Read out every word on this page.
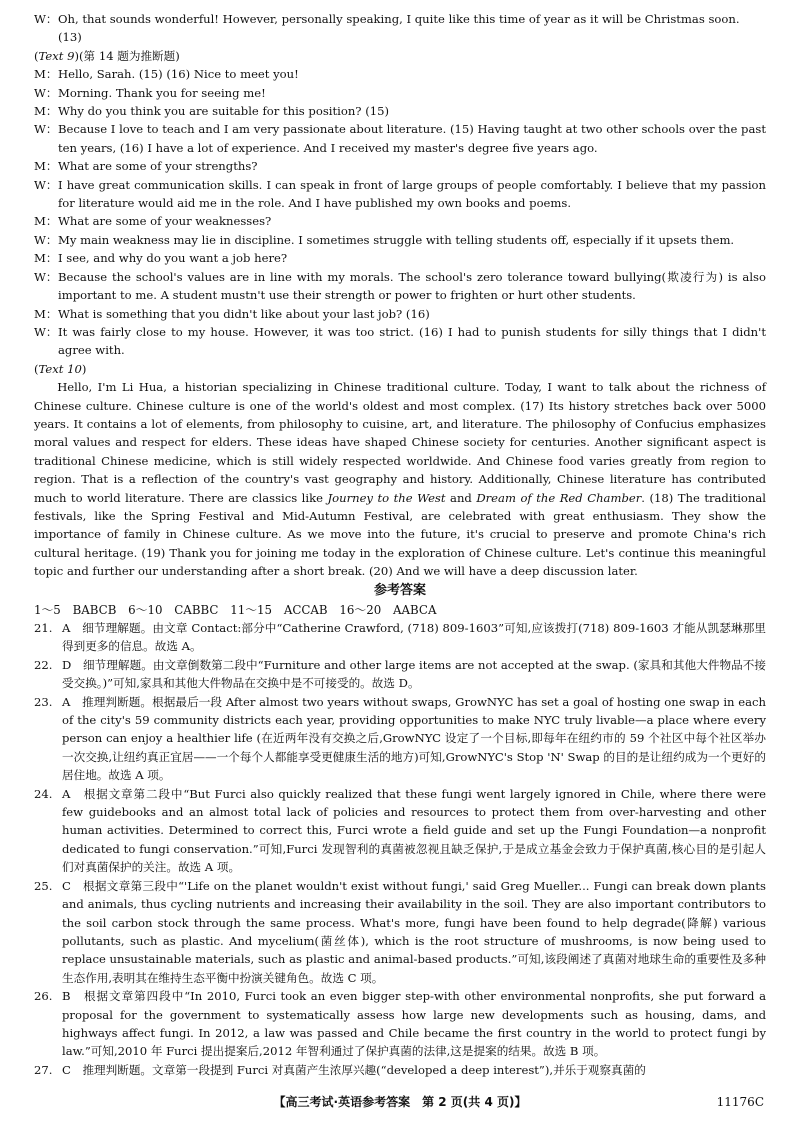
W： Oh, that sounds wonderful! However, personally speaking, I quite like this time of year as it will be Christmas soon.
(13)
(Text 9)(第 14 题为推断题)
M： Hello, Sarah. (15) (16) Nice to meet you!
W： Morning. Thank you for seeing me!
M： Why do you think you are suitable for this position? (15)
W： Because I love to teach and I am very passionate about literature. (15) Having taught at two other schools over the past ten years, (16) I have a lot of experience. And I received my master's degree five years ago.
M： What are some of your strengths?
W： I have great communication skills. I can speak in front of large groups of people comfortably. I believe that my passion for literature would aid me in the role. And I have published my own books and poems.
M： What are some of your weaknesses?
W： My main weakness may lie in discipline. I sometimes struggle with telling students off, especially if it upsets them.
M： I see, and why do you want a job here?
W： Because the school's values are in line with my morals. The school's zero tolerance toward bullying(欺凌行为) is also important to me. A student mustn't use their strength or power to frighten or hurt other students.
M： What is something that you didn't like about your last job? (16)
W： It was fairly close to my house. However, it was too strict. (16) I had to punish students for silly things that I didn't agree with.
(Text 10)
Hello, I'm Li Hua, a historian specializing in Chinese traditional culture. Today, I want to talk about the richness of Chinese culture. Chinese culture is one of the world's oldest and most complex. (17) Its history stretches back over 5000 years. It contains a lot of elements, from philosophy to cuisine, art, and literature. The philosophy of Confucius emphasizes moral values and respect for elders. These ideas have shaped Chinese society for centuries. Another significant aspect is traditional Chinese medicine, which is still widely respected worldwide. And Chinese food varies greatly from region to region. That is a reflection of the country's vast geography and history. Additionally, Chinese literature has contributed much to world literature. There are classics like Journey to the West and Dream of the Red Chamber. (18) The traditional festivals, like the Spring Festival and Mid-Autumn Festival, are celebrated with great enthusiasm. They show the importance of family in Chinese culture. As we move into the future, it's crucial to preserve and promote China's rich cultural heritage. (19) Thank you for joining me today in the exploration of Chinese culture. Let's continue this meaningful topic and further our understanding after a short break. (20) And we will have a deep discussion later.
参考答案
1～5　BABCB　6～10　CABBC　11～15　ACCAB　16～20　AABCA
21. A　细节理解题。由文章 Contact:部分中“Catherine Crawford, (718) 809-1603”可知,应该拨打(718) 809-1603 才能从凯瑟琳那里得到更多的信息。故选 A。
22. D　细节理解题。由文章倒数第二段中“Furniture and other large items are not accepted at the swap. (家具和其他大件物品不接受交换。)”可知,家具和其他大件物品在交换中是不可接受的。故选 D。
23. A　推理判断题。根据最后一段 After almost two years without swaps, GrowNYC has set a goal of hosting one swap in each of the city's 59 community districts each year, providing opportunities to make NYC truly livable—a place where every person can enjoy a healthier life (在近两年没有交换之后,GrowNYC 设定了一个目标,即每年在纽约市的 59 个社区中每个社区举办一次交换,让纽约真正宜居——一个每个人都能享受更健康生活的地方)可知,GrowNYC's Stop 'N' Swap 的目的是让纽约成为一个更好的居住地。故选 A 项。
24. A　根据文章第二段中“But Furci also quickly realized that these fungi went largely ignored in Chile, where there were few guidebooks and an almost total lack of policies and resources to protect them from over-harvesting and other human activities. Determined to correct this, Furci wrote a field guide and set up the Fungi Foundation—a nonprofit dedicated to fungi conservation.”可知,Furci 发现智利的真菌被忽视且缺乏保护,于是成立基金会致力于保护真菌,核心目的是引起人们对真菌保护的关注。故选 A 项。
25. C　根据文章第三段中“'Life on the planet wouldn't exist without fungi,' said Greg Mueller... Fungi can break down plants and animals, thus cycling nutrients and increasing their availability in the soil. They are also important contributors to the soil carbon stock through the same process. What's more, fungi have been found to help degrade(降解) various pollutants, such as plastic. And mycelium(菌丝体), which is the root structure of mushrooms, is now being used to replace unsustainable materials, such as plastic and animal-based products.”可知,该段阐述了真菌对地球生命的重要性及多种生态作用,表明其在维持生态平衡中扮演关键角色。故选 C 项。
26. B　根据文章第四段中“In 2010, Furci took an even bigger step-with other environmental nonprofits, she put forward a proposal for the government to systematically assess how large new developments such as housing, dams, and highways affect fungi. In 2012, a law was passed and Chile became the first country in the world to protect fungi by law.”可知,2010 年 Furci 提出提案后,2012 年智利通过了保护真菌的法律,这是提案的结果。故选 B 项。
27. C　推理判断题。文章第一段提到 Furci 对真菌产生浓厚兴趣(“developed a deep interest”),并乐于观察真菌的
【高三考试·英语参考答案　第 2 页(共 4 页)】	11176C
